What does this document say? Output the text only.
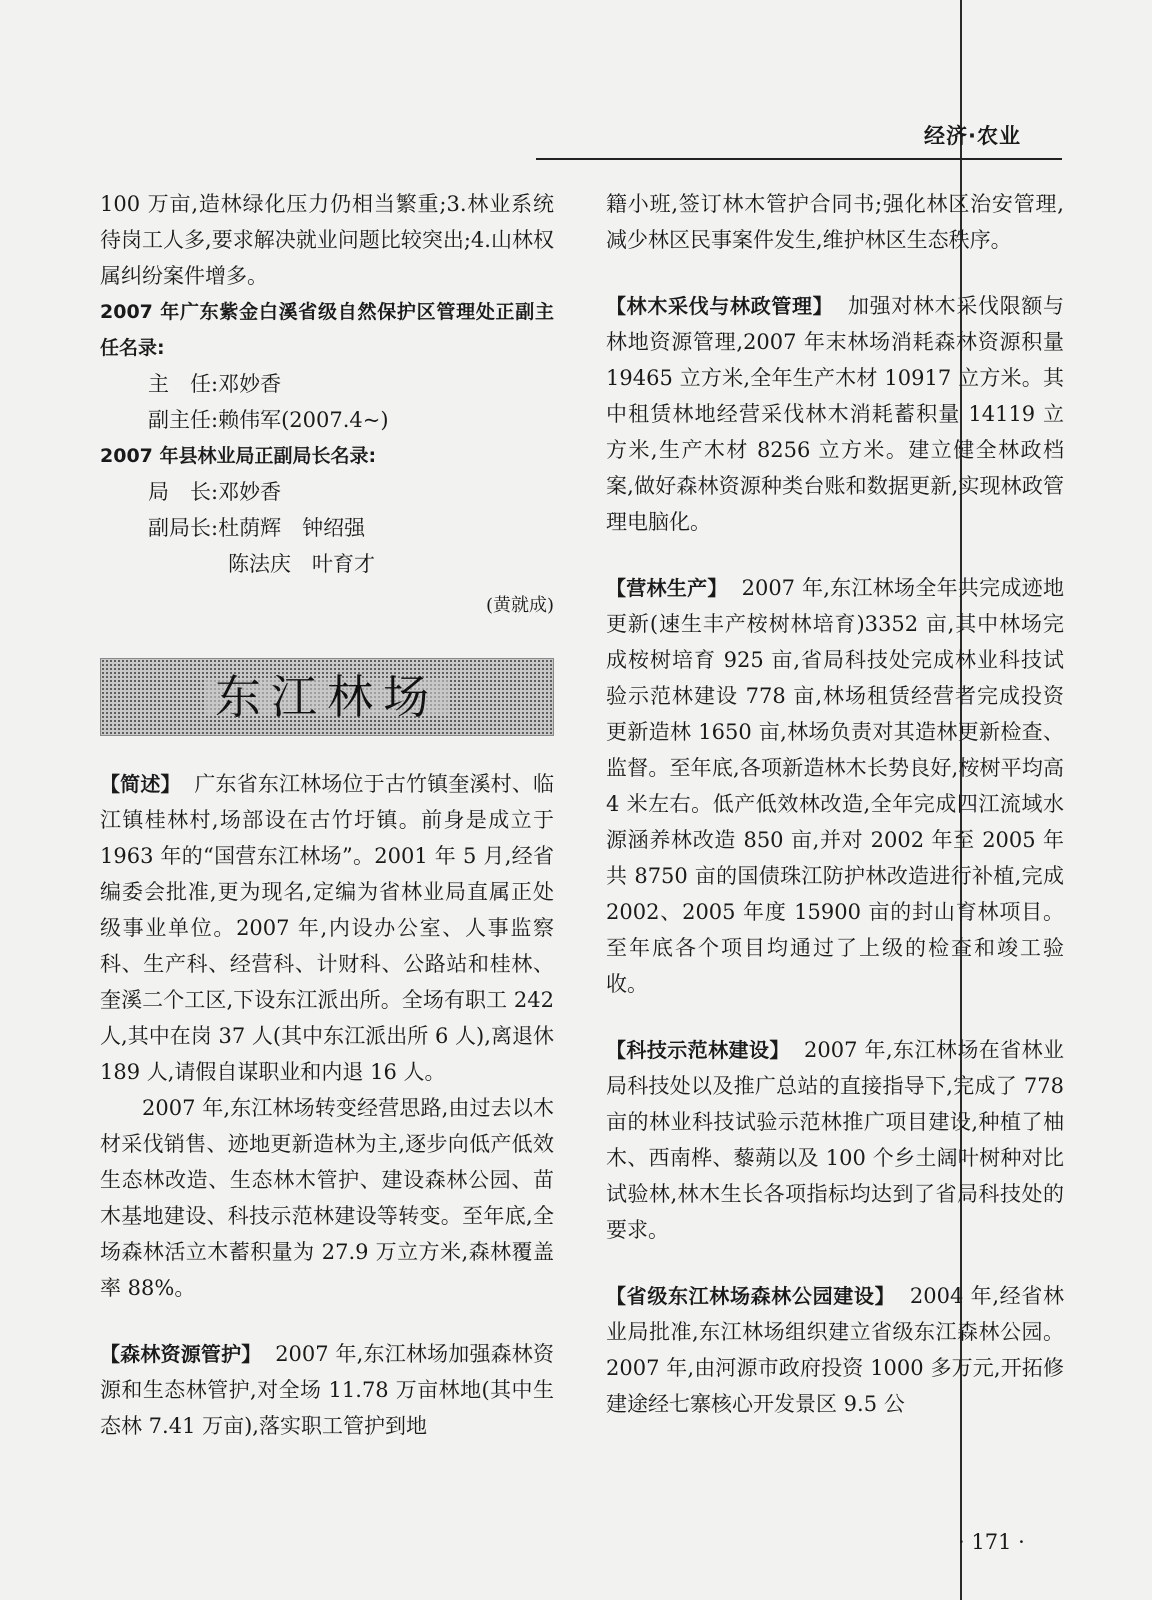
经济·农业

100 万亩,造林绿化压力仍相当繁重;3.林业系统待岗工人多,要求解决就业问题比较突出;4.山林权属纠纷案件增多。

2007 年广东紫金白溪省级自然保护区管理处正副主任名录:

主　任:邓妙香

副主任:赖伟军(2007.4~)

2007 年县林业局正副局长名录:

局　长:邓妙香

副局长:杜荫辉　钟绍强

陈法庆　叶育才

(黄就成)

东江林场

【简述】 广东省东江林场位于古竹镇奎溪村、临江镇桂林村,场部设在古竹圩镇。前身是成立于 1963 年的“国营东江林场”。2001 年 5 月,经省编委会批准,更为现名,定编为省林业局直属正处级事业单位。2007 年,内设办公室、人事监察科、生产科、经营科、计财科、公路站和桂林、奎溪二个工区,下设东江派出所。全场有职工 242 人,其中在岗 37 人(其中东江派出所 6 人),离退休 189 人,请假自谋职业和内退 16 人。

2007 年,东江林场转变经营思路,由过去以木材采伐销售、迹地更新造林为主,逐步向低产低效生态林改造、生态林木管护、建设森林公园、苗木基地建设、科技示范林建设等转变。至年底,全场森林活立木蓄积量为 27.9 万立方米,森林覆盖率 88%。

【森林资源管护】 2007 年,东江林场加强森林资源和生态林管护,对全场 11.78 万亩林地(其中生态林 7.41 万亩),落实职工管护到地

籍小班,签订林木管护合同书;强化林区治安管理,减少林区民事案件发生,维护林区生态秩序。

【林木采伐与林政管理】 加强对林木采伐限额与林地资源管理,2007 年末林场消耗森林资源积量 19465 立方米,全年生产木材 10917 立方米。其中租赁林地经营采伐林木消耗蓄积量 14119 立方米,生产木材 8256 立方米。建立健全林政档案,做好森林资源种类台账和数据更新,实现林政管理电脑化。

【营林生产】 2007 年,东江林场全年共完成迹地更新(速生丰产桉树林培育)3352 亩,其中林场完成桉树培育 925 亩,省局科技处完成林业科技试验示范林建设 778 亩,林场租赁经营者完成投资更新造林 1650 亩,林场负责对其造林更新检查、监督。至年底,各项新造林木长势良好,桉树平均高 4 米左右。低产低效林改造,全年完成四江流域水源涵养林改造 850 亩,并对 2002 年至 2005 年共 8750 亩的国债珠江防护林改造进行补植,完成 2002、2005 年度 15900 亩的封山育林项目。至年底各个项目均通过了上级的检查和竣工验收。

【科技示范林建设】 2007 年,东江林场在省林业局科技处以及推广总站的直接指导下,完成了 778 亩的林业科技试验示范林推广项目建设,种植了柚木、西南桦、藜蒴以及 100 个乡土阔叶树种对比试验林,林木生长各项指标均达到了省局科技处的要求。

【省级东江林场森林公园建设】 2004 年,经省林业局批准,东江林场组织建立省级东江森林公园。2007 年,由河源市政府投资 1000 多万元,开拓修建途经七寨核心开发景区 9.5 公

· 171 ·
